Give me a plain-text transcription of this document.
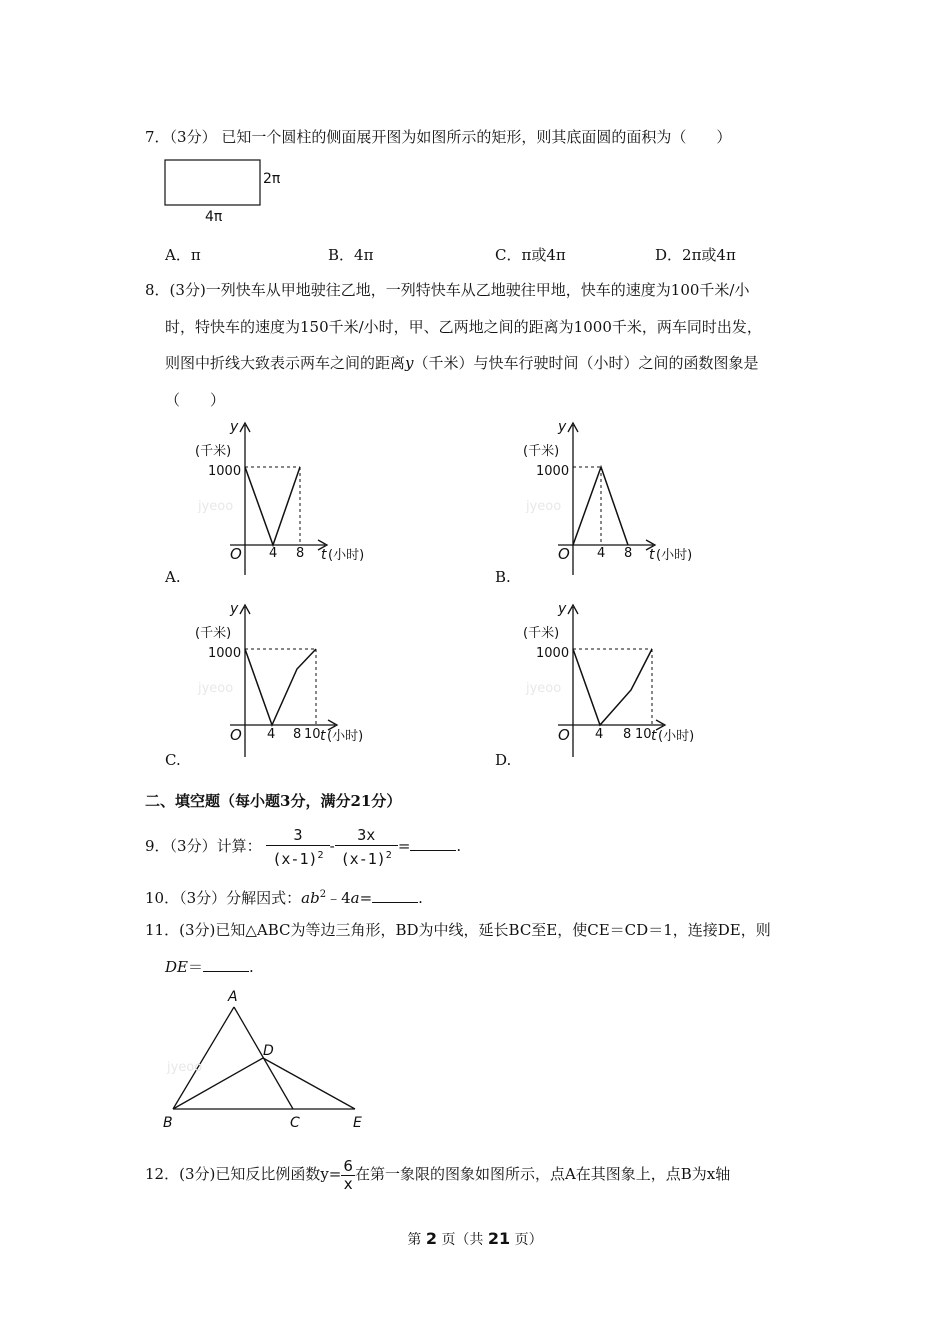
7．（3分） 已知一个圆柱的侧面展开图为如图所示的矩形，则其底面圆的面积为（　　）
2π
4π
A．π	B．4π	C．π或4π	D．2π或4π
8．(3分)一列快车从甲地驶往乙地，一列特快车从乙地驶往甲地，快车的速度为100千米/小
时，特快车的速度为150千米/小时，甲、乙两地之间的距离为1000千米，两车同时出发，
则图中折线大致表示两车之间的距离y（千米）与快车行驶时间（小时）之间的函数图象是
（　　）
y
(千米)
1000
O 4 8 t (小时)
jyeoo
A.
y
(千米)
1000
O 4 8 t (小时)
jyeoo
B.
y
(千米)
1000
O 4 8 10 t (小时)
jyeoo
C.
y
(千米)
1000
O 4 8 10 t (小时)
jyeoo
D.
二、填空题（每小题3分，满分21分）
9．（3分）计算： $\frac{3}{(x-1)^2} - \frac{3x}{(x-1)^2}$ =	.
10．（3分）分解因式：$ab^2﹣4a=$	.
11．(3分)已知△ABC为等边三角形，BD为中线，延长BC至E，使CE＝CD＝1，连接DE，则
DE＝	.
A
D
B	C	E
jyeoo
12．(3分)已知反比例函数$y= \frac{6}{x}$ 在第一象限的图象如图所示，点A在其图象上，点B为x轴
第 2 页（共 21 页）
